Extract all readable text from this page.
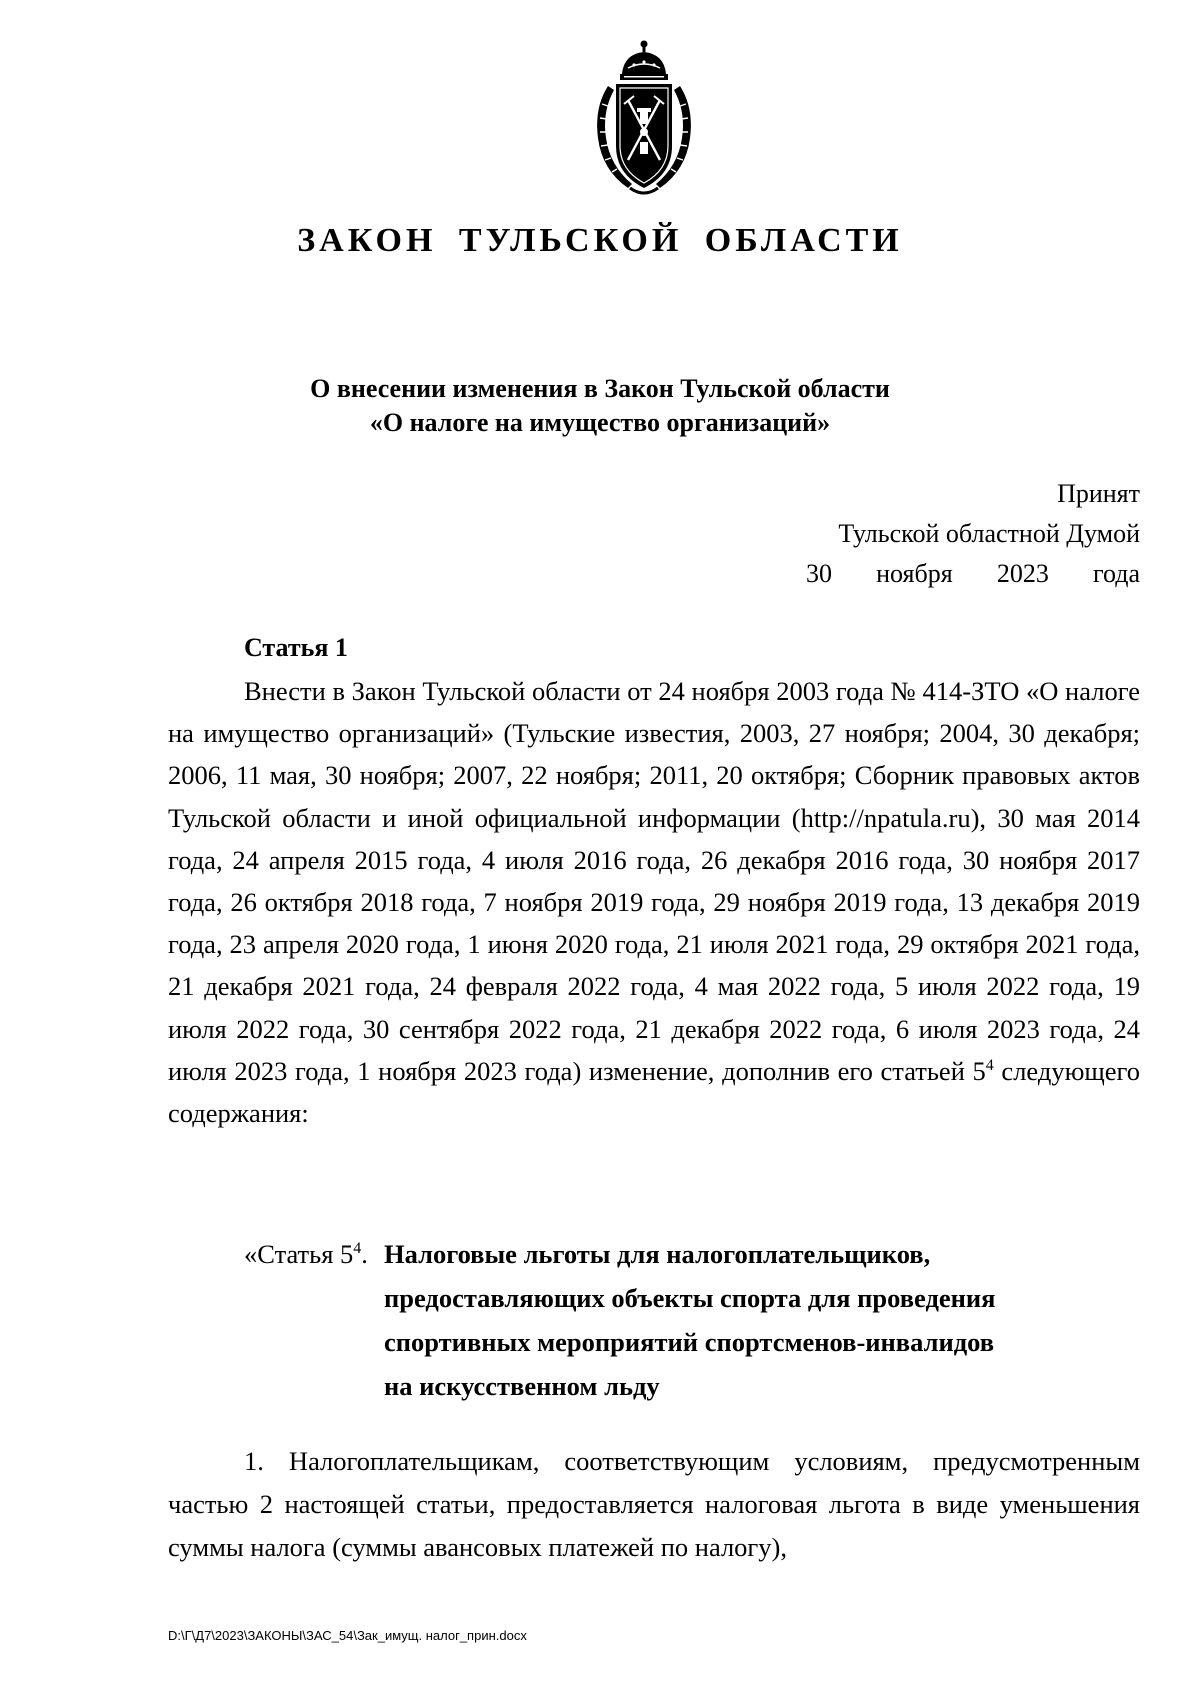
ЗАКОН ТУЛЬСКОЙ ОБЛАСТИ
О внесении изменения в Закон Тульской области
«О налоге на имущество организаций»
Принят
Тульской областной Думой
30 ноября 2023 года
Статья 1

Внести в Закон Тульской области от 24 ноября 2003 года № 414-ЗТО «О налоге на имущество организаций» (Тульские известия, 2003, 27 ноября; 2004, 30 декабря; 2006, 11 мая, 30 ноября; 2007, 22 ноября; 2011, 20 октября; Сборник правовых актов Тульской области и иной официальной информации (http://npatula.ru), 30 мая 2014 года, 24 апреля 2015 года, 4 июля 2016 года, 26 декабря 2016 года, 30 ноября 2017 года, 26 октября 2018 года, 7 ноября 2019 года, 29 ноября 2019 года, 13 декабря 2019 года, 23 апреля 2020 года, 1 июня 2020 года, 21 июля 2021 года, 29 октября 2021 года, 21 декабря 2021 года, 24 февраля 2022 года, 4 мая 2022 года, 5 июля 2022 года, 19 июля 2022 года, 30 сентября 2022 года, 21 декабря 2022 года, 6 июля 2023 года, 24 июля 2023 года, 1 ноября 2023 года) изменение, дополнив его статьей $5^4$ следующего содержания:

«Статья $5^4$. Налоговые льготы для налогоплательщиков,
предоставляющих объекты спорта для проведения
спортивных мероприятий спортсменов-инвалидов
на искусственном льду

1. Налогоплательщикам, соответствующим условиям, предусмотренным частью 2 настоящей статьи, предоставляется налоговая льгота в виде уменьшения суммы налога (суммы авансовых платежей по налогу),

D:\Г\Д7\2023\ЗАКОНЫ\ЗАС_54\Зак_имущ. налог_прин.docx
